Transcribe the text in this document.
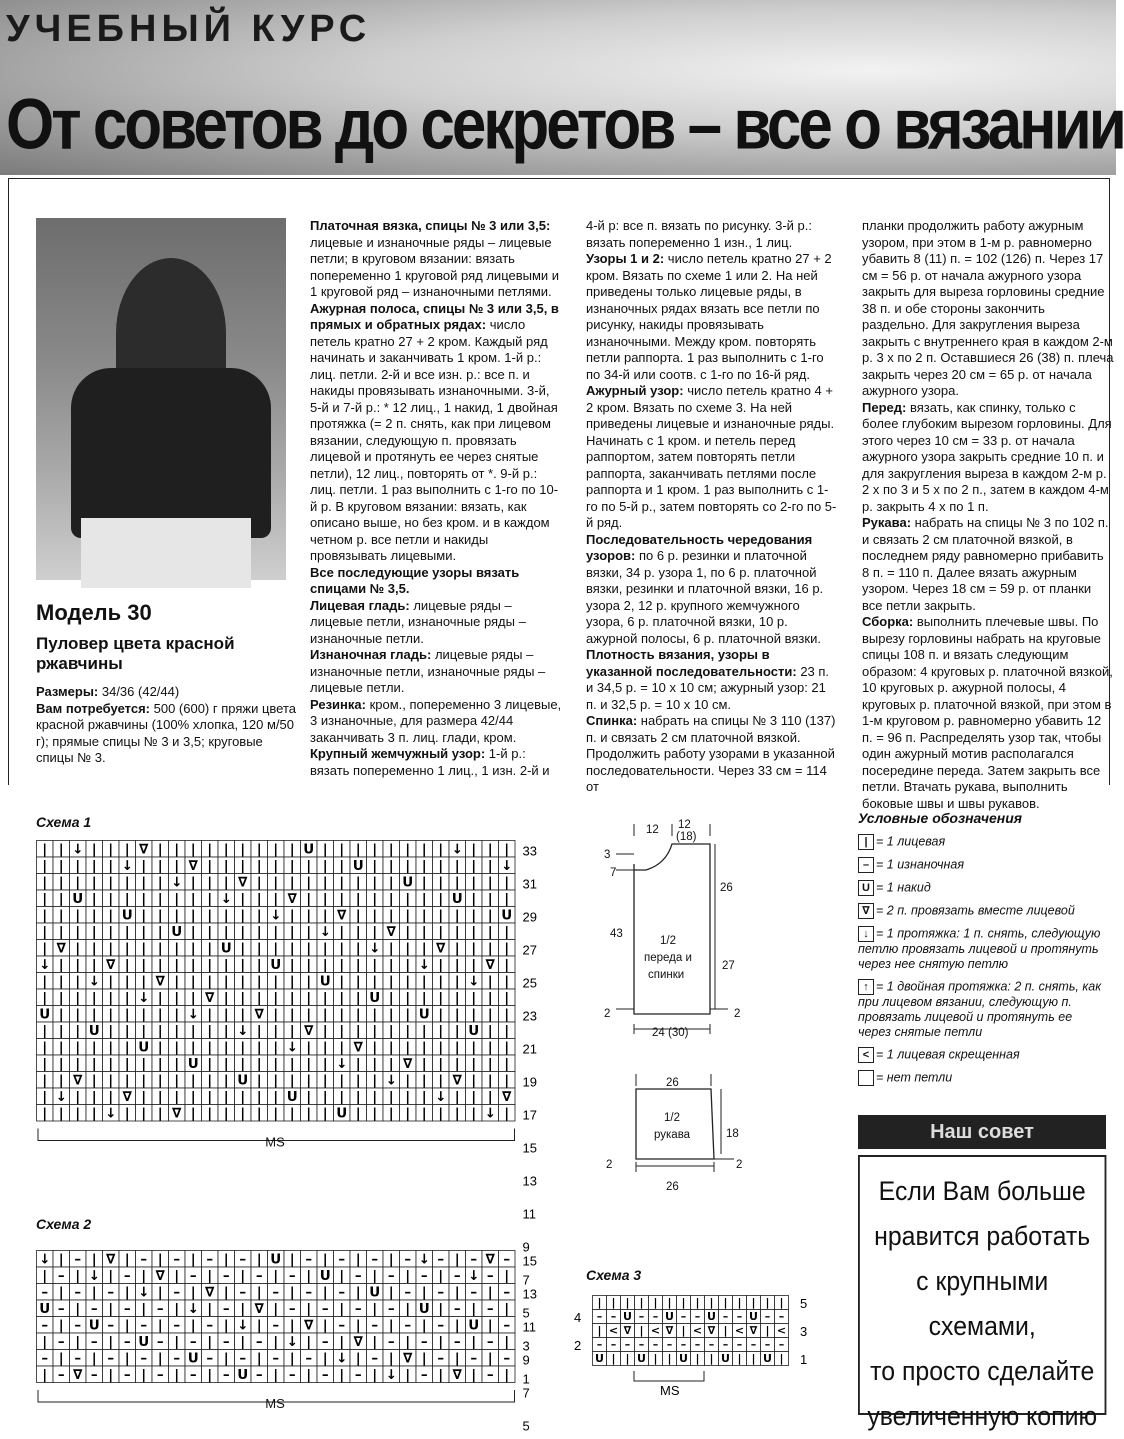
УЧЕБНЫЙ КУРС
От советов до секретов – все о вязании
Модель 30
Пуловер цвета красной ржавчины
Размеры: 34/36 (42/44)
Вам потребуется: 500 (600) г пряжи цвета красной ржавчины (100% хлопка, 120 м/50 г); прямые спицы № 3 и 3,5; круговые спицы № 3.
Платочная вязка, спицы № 3 или 3,5: лицевые и изнаночные ряды – лицевые петли; в круговом вязании: вязать попеременно 1 круговой ряд лицевыми и 1 круговой ряд – изнаночными петлями.
Ажурная полоса, спицы № 3 или 3,5, в прямых и обратных рядах: число петель кратно 27 + 2 кром. Каждый ряд начинать и заканчивать 1 кром. 1-й р.: лиц. петли. 2-й и все изн. р.: все п. и накиды провязывать изнаночными. 3-й, 5-й и 7-й р.: * 12 лиц., 1 накид, 1 двойная протяжка (= 2 п. снять, как при лицевом вязании, следующую п. провязать лицевой и протянуть ее через снятые петли), 12 лиц., повторять от *. 9-й р.: лиц. петли. 1 раз выполнить с 1-го по 10-й р. В круговом вязании: вязать, как описано выше, но без кром. и в каждом четном р. все петли и накиды провязывать лицевыми.
Все последующие узоры вязать спицами № 3,5.
Лицевая гладь: лицевые ряды – лицевые петли, изнаночные ряды – изнаночные петли.
Изнаночная гладь: лицевые ряды – изнаночные петли, изнаночные ряды – лицевые петли.
Резинка: кром., попеременно 3 лицевые, 3 изнаночные, для размера 42/44 заканчивать 3 п. лиц. глади, кром.
Крупный жемчужный узор: 1-й р.: вязать попеременно 1 лиц., 1 изн. 2-й и
4-й р: все п. вязать по рисунку. 3-й р.: вязать попеременно 1 изн., 1 лиц.
Узоры 1 и 2: число петель кратно 27 + 2 кром. Вязать по схеме 1 или 2. На ней приведены только лицевые ряды, в изнаночных рядах вязать все петли по рисунку, накиды провязывать изнаночными. Между кром. повторять петли раппорта. 1 раз выполнить с 1-го по 34-й или соотв. с 1-го по 16-й ряд.
Ажурный узор: число петель кратно 4 + 2 кром. Вязать по схеме 3. На ней приведены лицевые и изнаночные ряды. Начинать с 1 кром. и петель перед раппортом, затем повторять петли раппорта, заканчивать петлями после раппорта и 1 кром. 1 раз выполнить с 1-го по 5-й р., затем повторять со 2-го по 5-й ряд.
Последовательность чередования узоров: по 6 р. резинки и платочной вязки, 34 р. узора 1, по 6 р. платочной вязки, резинки и платочной вязки, 16 р. узора 2, 12 р. крупного жемчужного узора, 6 р. платочной вязки, 10 р. ажурной полосы, 6 р. платочной вязки.
Плотность вязания, узоры в указанной последовательности: 23 п. и 34,5 р. = 10 х 10 см; ажурный узор: 21 п. и 32,5 р. = 10 х 10 см.
Спинка: набрать на спицы № 3 110 (137) п. и связать 2 см платочной вязкой. Продолжить работу узорами в указанной последовательности. Через 33 см = 114 от
планки продолжить работу ажурным узором, при этом в 1-м р. равномерно убавить 8 (11) п. = 102 (126) п. Через 17 см = 56 р. от начала ажурного узора закрыть для выреза горловины средние 38 п. и обе стороны закончить раздельно. Для закругления выреза закрыть с внутреннего края в каждом 2-м р. 3 х по 2 п. Оставшиеся 26 (38) п. плеча закрыть через 20 см = 65 р. от начала ажурного узора.
Перед: вязать, как спинку, только с более глубоким вырезом горловины. Для этого через 10 см = 33 р. от начала ажурного узора закрыть средние 10 п. и для закругления выреза в каждом 2-м р. 2 х по 3 и 5 х по 2 п., затем в каждом 4-м р. закрыть 4 х по 1 п.
Рукава: набрать на спицы № 3 по 102 п. и связать 2 см платочной вязкой, в последнем ряду равномерно прибавить 8 п. = 110 п. Далее вязать ажурным узором. Через 18 см = 59 р. от планки все петли закрыть.
Сборка: выполнить плечевые швы. По вырезу горловины набрать на круговые спицы 108 п. и вязать следующим образом: 4 круговых р. платочной вязкой, 10 круговых р. ажурной полосы, 4 круговых р. платочной вязкой, при этом в 1-м круговом р. равномерно убавить 12 п. = 96 п. Распределять узор так, чтобы один ажурный мотив располагался посередине переда. Затем закрыть все петли. Втачать рукава, выполнить боковые швы и швы рукавов.
Схема 1
Схема 2
Схема 3
| | ↓ | | | ∇ | | | | | | | | | U | | | | | | | | ↓ | | |
| | | | | ↓ | | | ∇ | | | | | | | | | U | | | | | | | | ↓
| | | | | | | | ↓ | | | ∇ | | | | | | | | | U | | | | | |
| | U | | | | | | | | ↓ | | | ∇ | | | | | | | | | U | | |
| | | | | U | | | | | | | | ↓ | | | ∇ | | | | | | | | | U
| | | | | | | | U | | | | | | | | ↓ | | | ∇ | | | | | | |
| ∇ | | | | | | | | | U | | | | | | | | ↓ | | | ∇ | | | |
↓ | | | ∇ | | | | | | | | | U | | | | | | | | ↓ | | | ∇ |
| | | ↓ | | | ∇ | | | | | | | | | U | | | | | | | | ↓ | |
| | | | | | ↓ | | | ∇ | | | | | | | | | U | | | | | | | |
U | | | | | | | | ↓ | | | ∇ | | | | | | | | | U | | | | |
| | | U | | | | | | | | ↓ | | | ∇ | | | | | | | | | U | |
| | | | | | U | | | | | | | | ↓ | | | ∇ | | | | | | | | |
| | | | | | | | | U | | | | | | | | ↓ | | | ∇ | | | | | |
| | ∇ | | | | | | | | | U | | | | | | | | ↓ | | | ∇ | | |
| ↓ | | | ∇ | | | | | | | | | U | | | | | | | | ↓ | | | ∇
| | | | ↓ | | | ∇ | | | | | | | | | U | | | | | | | | ↓ |
33
31
29
27
25
23
21
19
17
15
13
11
9
7
5
3
1
MS
↓ | – | ∇ | – | – | – | – | U | – | – | – | – ↓ – | – ∇ –
| – | ↓ | – | ∇ | – | – | – | – | U | – | – | – | – ↓ – |
– | – | – | ↓ | – | ∇ | – | – | – | – | U | – | – | – | –
U – | – | – | – | ↓ | – | ∇ | – | – | – | – | U | – | – |
– | – U – | – | – | – | ↓ | – | ∇ | – | – | – | – | U | –
| – | – | – U – | – | – | – | ↓ | – | ∇ | – | – | – | – |
– | – | – | – | – U – | – | – | – | ↓ | – | ∇ | – | – | –
| – ∇ – | – | – | – | – U – | – | – | – | ↓ | – | ∇ | – |
15
13
11
9
7
5
MS
| | | | | | | | | | | | | |
– – U – – U – – U – – U – –
| < ∇ | < ∇ | < ∇ | < ∇ | <
– – – – – – – – – – – – – –
U | | U | | U | | U | | U |
5
3
1
4
2
MS
12 12
(18)
3
7
43
2
26
27
2
24 (30)
1/2
переда и
спинки
26
18
2
2
26
1/2
рукава
Условные обозначения
| = 1 лицевая
– = 1 изнаночная
U = 1 накид
∇ = 2 п. провязать вместе лицевой
↓ = 1 протяжка: 1 п. снять, следующую петлю провязать лицевой и протянуть через нее снятую петлю
↑ = 1 двойная протяжка: 2 п. снять, как при лицевом вязании, следующую п. провязать лицевой и протянуть ее через снятые петли
< = 1 лицевая скрещенная
= нет петли
Наш совет
Если Вам больше
нравится работать
с крупными схемами,
то просто сделайте
увеличенную копию
